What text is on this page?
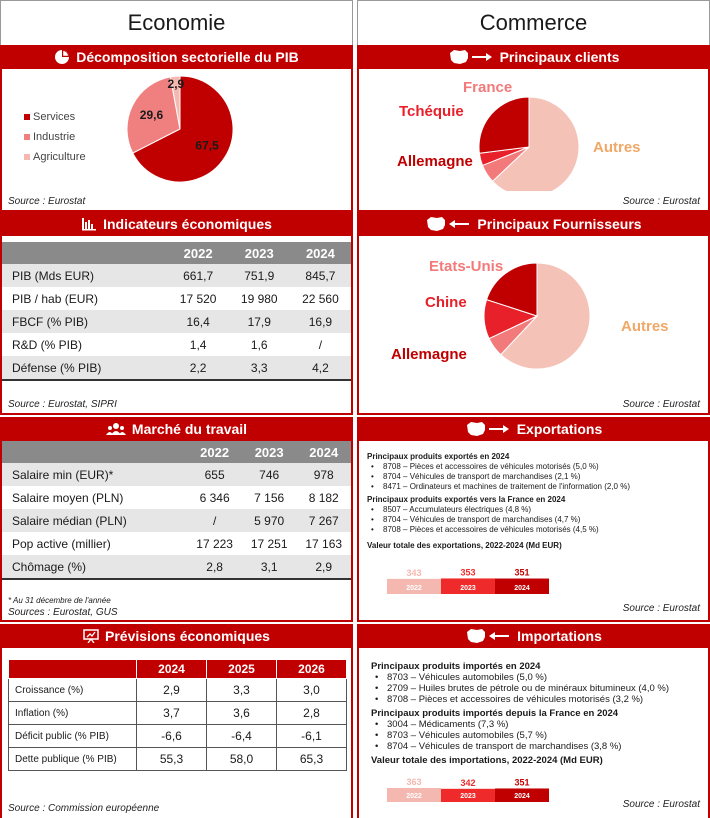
Economie
Décomposition sectorielle du PIB
Services
Industrie
Agriculture
67,5
29,6
2,9
Source : Eurostat
Indicateurs économiques
	2022	2023	2024
PIB (Mds EUR)	661,7	751,9	845,7
PIB / hab (EUR)	17 520	19 980	22 560
FBCF (% PIB)	16,4	17,9	16,9
R&D (% PIB)	1,4	1,6	/
Défense (% PIB)	2,2	3,3	4,2
Source : Eurostat, SIPRI
Marché du travail
	2022	2023	2024
Salaire min (EUR)*	655	746	978
Salaire moyen (PLN)	6 346	7 156	8 182
Salaire médian (PLN)	/	5 970	7 267
Pop active (millier)	17 223	17 251	17 163
Chômage (%)	2,8	3,1	2,9
* Au 31 décembre de l'année
Sources : Eurostat, GUS
Prévisions économiques
	2024	2025	2026
Croissance (%)	2,9	3,3	3,0
Inflation (%)	3,7	3,6	2,8
Déficit public (% PIB)	-6,6	-6,4	-6,1
Dette publique (% PIB)	55,3	58,0	65,3
Source : Commission européenne
Commerce
Principaux clients
France
Tchéquie
Allemagne
Autres
Source : Eurostat
Principaux Fournisseurs
Etats-Unis
Chine
Allemagne
Autres
Source : Eurostat
Exportations
Principaux produits exportés en 2024
• 8708 – Pièces et accessoires de véhicules motorisés (5,0 %)
• 8704 – Véhicules de transport de marchandises (2,1 %)
• 8471 – Ordinateurs et machines de traitement de l'information (2,0 %)
Principaux produits exportés vers la France en 2024
• 8507 – Accumulateurs électriques (4,8 %)
• 8704 – Véhicules de transport de marchandises (4,7 %)
• 8708 – Pièces et accessoires de véhicules motorisés (4,5 %)
Valeur totale des exportations, 2022-2024 (Md EUR)
343
2022
353
2023
351
2024
Source : Eurostat
Importations
Principaux produits importés en 2024
• 8703 – Véhicules automobiles (5,0 %)
• 2709 – Huiles brutes de pétrole ou de minéraux bitumineux (4,0 %)
• 8708 – Pièces et accessoires de véhicules motorisés (3,2 %)
Principaux produits importés depuis la France en 2024
• 3004 – Médicaments (7,3 %)
• 8703 – Véhicules automobiles (5,7 %)
• 8704 – Véhicules de transport de marchandises (3,8 %)
Valeur totale des importations, 2022-2024 (Md EUR)
363
2022
342
2023
351
2024
Source : Eurostat
